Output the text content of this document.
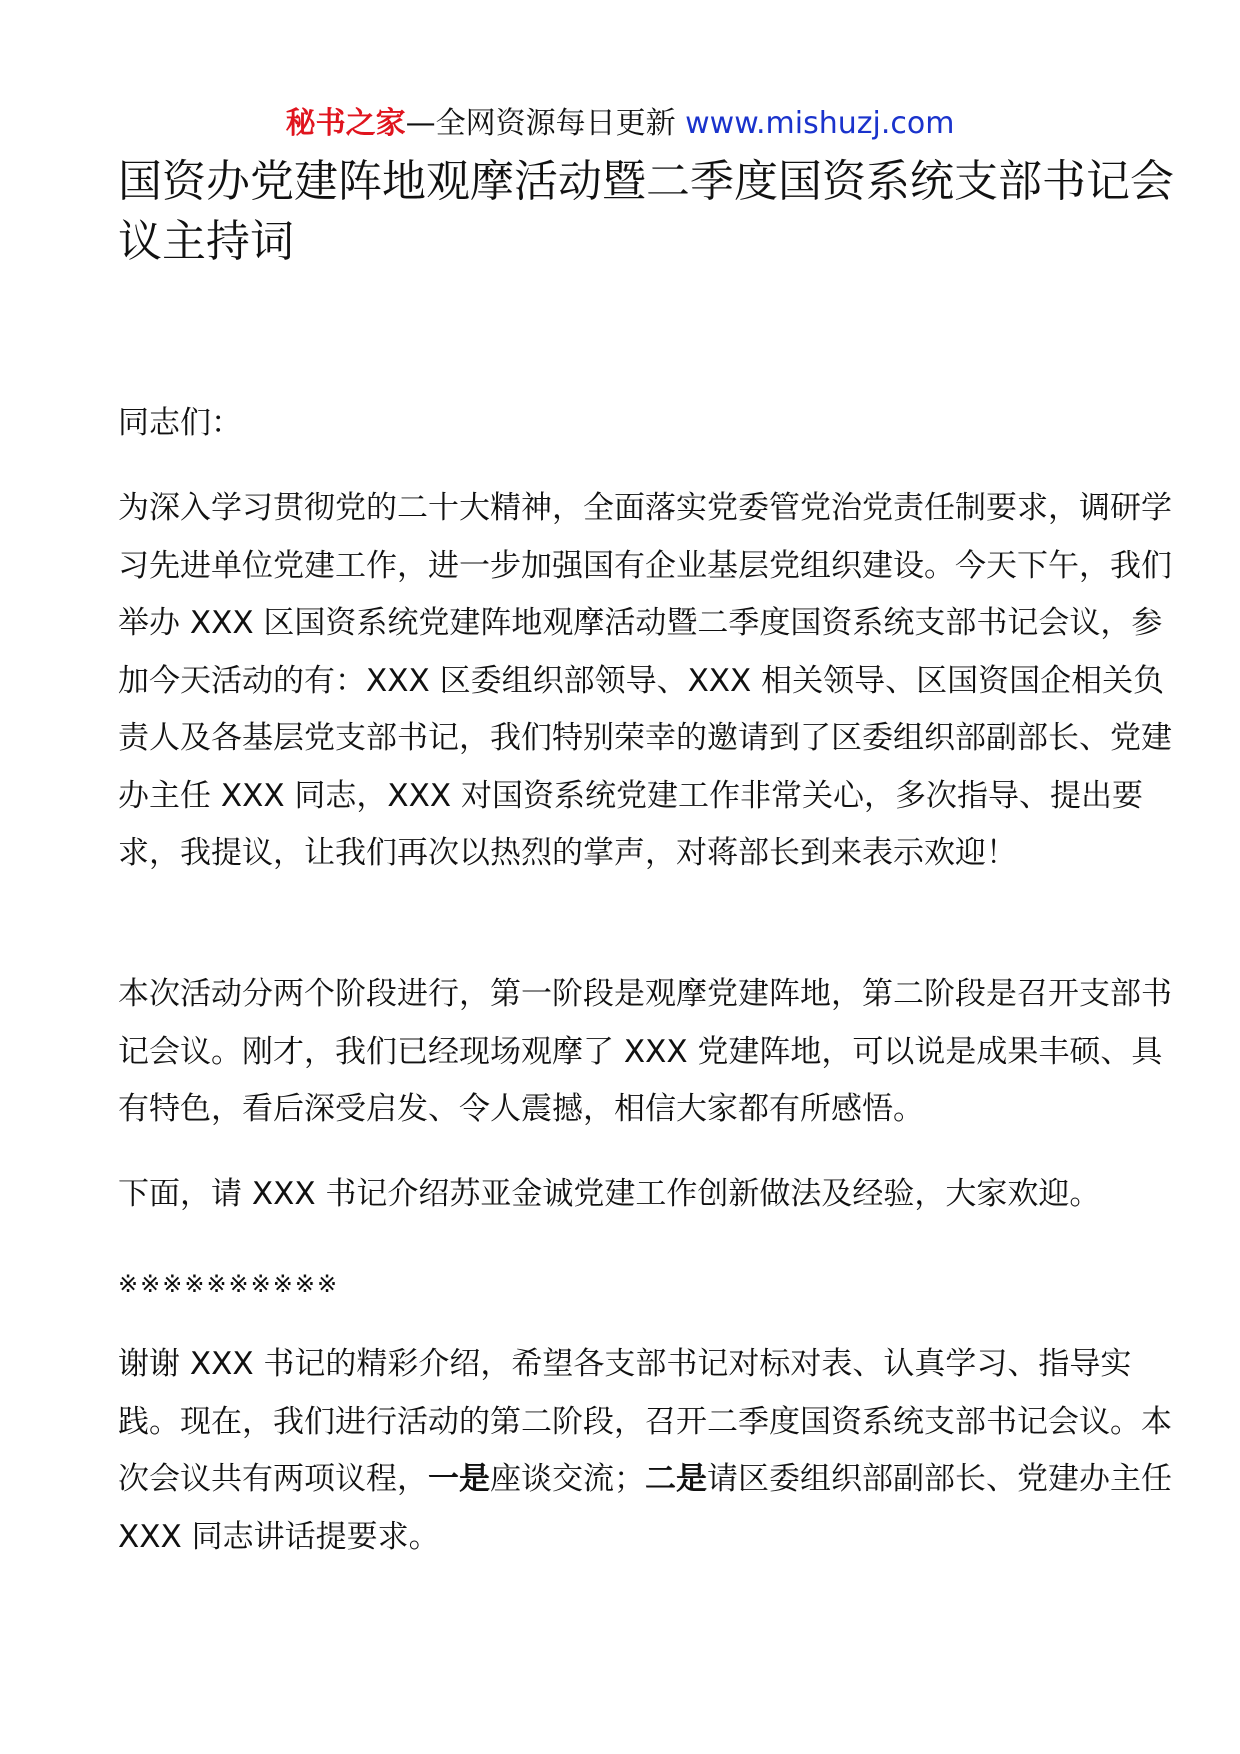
秘书之家—全网资源每日更新 www.mishuzj.com
国资办党建阵地观摩活动暨二季度国资系统支部书记会议主持词

同志们：

为深入学习贯彻党的二十大精神，全面落实党委管党治党责任制要求，调研学习先进单位党建工作，进一步加强国有企业基层党组织建设。今天下午，我们举办 XXX 区国资系统党建阵地观摩活动暨二季度国资系统支部书记会议，参加今天活动的有：XXX 区委组织部领导、XXX 相关领导、区国资国企相关负责人及各基层党支部书记，我们特别荣幸的邀请到了区委组织部副部长、党建办主任 XXX 同志，XXX 对国资系统党建工作非常关心，多次指导、提出要求，我提议，让我们再次以热烈的掌声，对蒋部长到来表示欢迎！

本次活动分两个阶段进行，第一阶段是观摩党建阵地，第二阶段是召开支部书记会议。刚才，我们已经现场观摩了 XXX 党建阵地，可以说是成果丰硕、具有特色，看后深受启发、令人震撼，相信大家都有所感悟。

下面，请 XXX 书记介绍苏亚金诚党建工作创新做法及经验，大家欢迎。

※※※※※※※※※※

谢谢 XXX 书记的精彩介绍，希望各支部书记对标对表、认真学习、指导实践。现在，我们进行活动的第二阶段，召开二季度国资系统支部书记会议。本次会议共有两项议程，一是座谈交流；二是请区委组织部副部长、党建办主任 XXX 同志讲话提要求。
